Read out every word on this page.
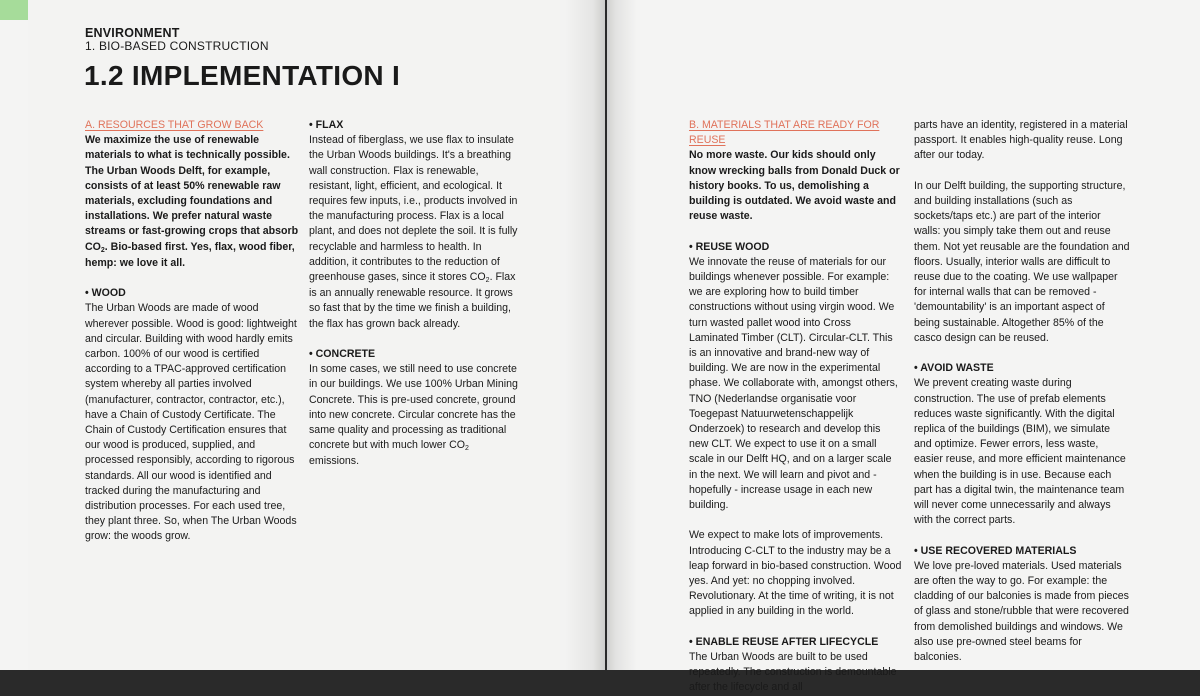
ENVIRONMENT
1. BIO-BASED CONSTRUCTION
1.2 IMPLEMENTATION I

A. RESOURCES THAT GROW BACK

We maximize the use of renewable materials to what is technically possible. The Urban Woods Delft, for example, consists of at least 50% renewable raw materials, excluding foundations and installations. We prefer natural waste streams or fast-growing crops that absorb $CO_2$. Bio-based first. Yes, flax, wood fiber, hemp: we love it all.

• WOOD

The Urban Woods are made of wood wherever possible. Wood is good: lightweight and circular. Building with wood hardly emits carbon. 100% of our wood is certified according to a TPAC-approved certification system whereby all parties involved (manufacturer, contractor, contractor, etc.), have a Chain of Custody Certificate. The Chain of Custody Certification ensures that our wood is produced, supplied, and processed responsibly, according to rigorous standards. All our wood is identified and tracked during the manufacturing and distribution processes. For each used tree, they plant three. So, when The Urban Woods grow: the woods grow.

• FLAX

Instead of fiberglass, we use flax to insulate the Urban Woods buildings. It's a breathing wall construction. Flax is renewable, resistant, light, efficient, and ecological. It requires few inputs, i.e., products involved in the manufacturing process. Flax is a local plant, and does not deplete the soil. It is fully recyclable and harmless to health. In addition, it contributes to the reduction of greenhouse gases, since it stores $CO_2$. Flax is an annually renewable resource. It grows so fast that by the time we finish a building, the flax has grown back already.

• CONCRETE

In some cases, we still need to use concrete in our buildings. We use 100% Urban Mining Concrete. This is pre-used concrete, ground into new concrete. Circular concrete has the same quality and processing as traditional concrete but with much lower $CO_2$ emissions.

B. MATERIALS THAT ARE READY FOR REUSE

No more waste. Our kids should only know wrecking balls from Donald Duck or history books. To us, demolishing a building is outdated. We avoid waste and reuse waste.

• REUSE WOOD

We innovate the reuse of materials for our buildings whenever possible. For example: we are exploring how to build timber constructions without using virgin wood. We turn wasted pallet wood into Cross Laminated Timber (CLT). Circular-CLT. This is an innovative and brand-new way of building. We are now in the experimental phase. We collaborate with, amongst others, TNO (Nederlandse organisatie voor Toegepast Natuurwetenschappelijk Onderzoek) to research and develop this new CLT. We expect to use it on a small scale in our Delft HQ, and on a larger scale in the next. We will learn and pivot and - hopefully - increase usage in each new building.

We expect to make lots of improvements. Introducing C-CLT to the industry may be a leap forward in bio-based construction. Wood yes. And yet: no chopping involved. Revolutionary. At the time of writing, it is not applied in any building in the world.

• ENABLE REUSE AFTER LIFECYCLE

The Urban Woods are built to be used repeatedly. The construction is demountable after the lifecycle and all

parts have an identity, registered in a material passport. It enables high-quality reuse. Long after our today.

In our Delft building, the supporting structure, and building installations (such as sockets/taps etc.) are part of the interior walls: you simply take them out and reuse them. Not yet reusable are the foundation and floors. Usually, interior walls are difficult to reuse due to the coating. We use wallpaper for internal walls that can be removed - 'demountability' is an important aspect of being sustainable. Altogether 85% of the casco design can be reused.

• AVOID WASTE

We prevent creating waste during construction. The use of prefab elements reduces waste significantly. With the digital replica of the buildings (BIM), we simulate and optimize. Fewer errors, less waste, easier reuse, and more efficient maintenance when the building is in use. Because each part has a digital twin, the maintenance team will never come unnecessarily and always with the correct parts.

• USE RECOVERED MATERIALS

We love pre-loved materials. Used materials are often the way to go. For example: the cladding of our balconies is made from pieces of glass and stone/rubble that were recovered from demolished buildings and windows. We also use pre-owned steel beams for balconies.
